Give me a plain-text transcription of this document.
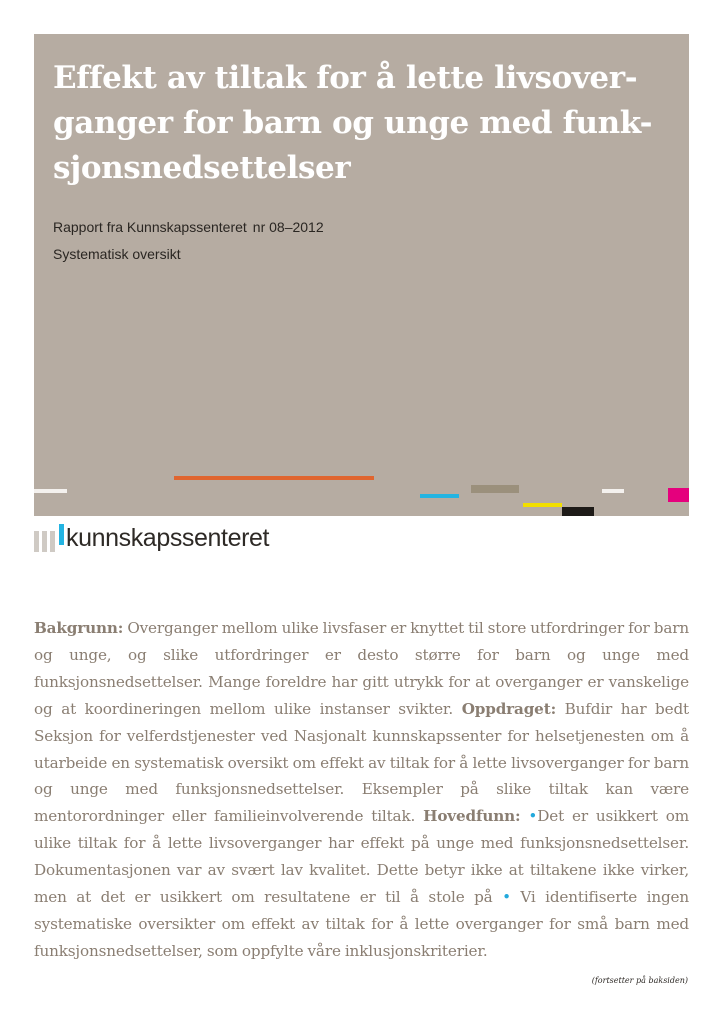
Effekt av tiltak for å lette livsover-
ganger for barn og unge med funk-
sjonsnedsettelser
Rapport fra Kunnskapssenteret nr 08–2012
Systematisk oversikt
kunnskapssenteret
Bakgrunn: Overganger mellom ulike livsfaser er knyttet til store utfordringer for barn og unge, og slike utfordringer er desto større for barn og unge med funksjonsnedsettelser. Mange foreldre har gitt utrykk for at overganger er vanskelige og at koordineringen mellom ulike instanser svikter. Oppdraget: Bufdir har bedt Seksjon for velferdstjenester ved Nasjonalt kunnskapssenter for helsetjenesten om å utarbeide en systematisk oversikt om effekt av tiltak for å lette livsoverganger for barn og unge med funksjonsnedsettelser. Eksempler på slike tiltak kan være mentorordninger eller familieinvolverende tiltak. Hovedfunn: •Det er usikkert om ulike tiltak for å lette livsoverganger har effekt på unge med funksjonsnedsettelser. Dokumentasjonen var av svært lav kvalitet. Dette betyr ikke at tiltakene ikke virker, men at det er usikkert om resultatene er til å stole på • Vi identifiserte ingen systematiske oversikter om effekt av tiltak for å lette overganger for små barn med funksjonsnedsettelser, som oppfylte våre inklusjonskriterier.
(fortsetter på baksiden)
